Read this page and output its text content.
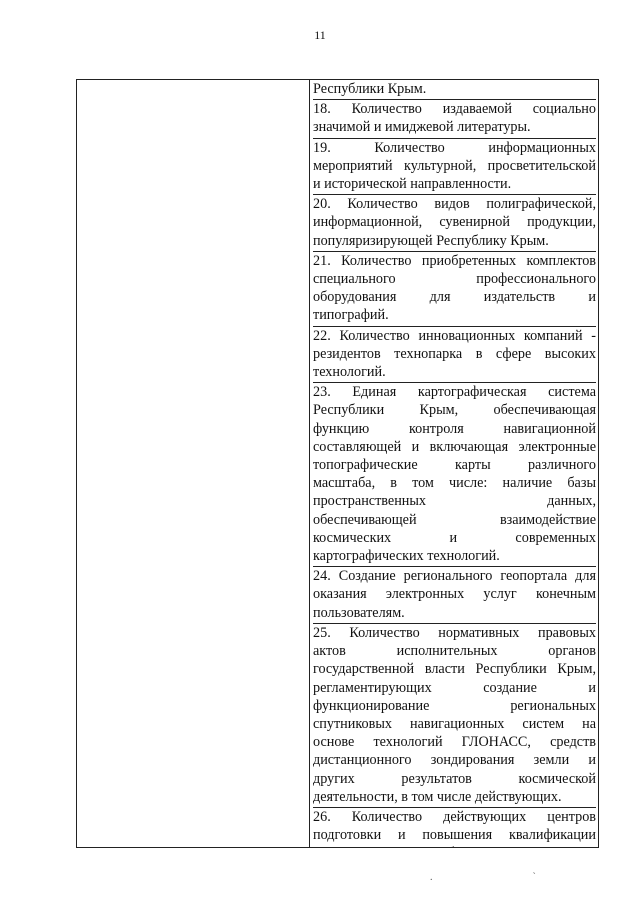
11
Республики Крым.
18. Количество издаваемой социально
значимой и имиджевой литературы.
19. Количество информационных
мероприятий культурной, просветительской
и исторической направленности.
20. Количество видов полиграфической,
информационной, сувенирной продукции,
популяризирующей Республику Крым.
21. Количество приобретенных комплектов
специального профессионального
оборудования для издательств и
типографий.
22. Количество инновационных компаний -
резидентов технопарка в сфере высоких
технологий.
23. Единая картографическая система
Республики Крым, обеспечивающая
функцию контроля навигационной
составляющей и включающая электронные
топографические карты различного
масштаба, в том числе: наличие базы
пространственных данных,
обеспечивающей взаимодействие
космических и современных
картографических технологий.
24. Создание регионального геопортала для
оказания электронных услуг конечным
пользователям.
25. Количество нормативных правовых
актов исполнительных органов
государственной власти Республики Крым,
регламентирующих создание и
функционирование региональных
спутниковых навигационных систем на
основе технологий ГЛОНАСС, средств
дистанционного зондирования земли и
других результатов космической
деятельности, в том числе действующих.
26. Количество действующих центров
подготовки и повышения квалификации
.                                        `
